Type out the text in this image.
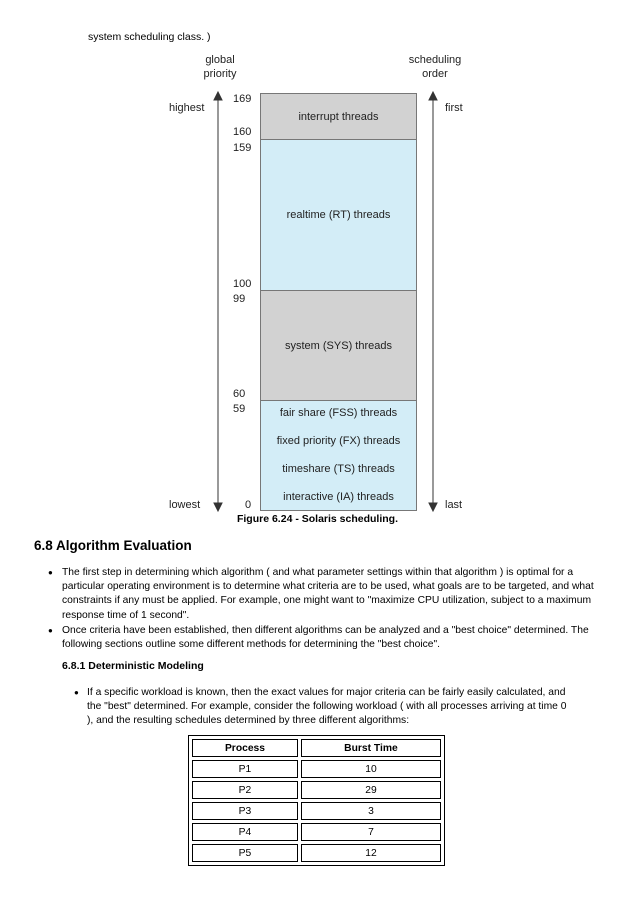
system scheduling class. )
global
priority
scheduling
order
highest
lowest
first
last
169
160
159
100
99
60
59
0
interrupt threads
realtime (RT) threads
system (SYS) threads
fair share (FSS) threads
fixed priority (FX) threads
timeshare (TS) threads
interactive (IA) threads
Figure 6.24 - Solaris scheduling.
6.8 Algorithm Evaluation
● The first step in determining which algorithm ( and what parameter settings within that algorithm ) is optimal for a particular operating environment is to determine what criteria are to be used, what goals are to be targeted, and what constraints if any must be applied. For example, one might want to "maximize CPU utilization, subject to a maximum response time of 1 second".
● Once criteria have been established, then different algorithms can be analyzed and a "best choice" determined. The following sections outline some different methods for determining the "best choice".
6.8.1 Deterministic Modeling
● If a specific workload is known, then the exact values for major criteria can be fairly easily calculated, and the "best" determined. For example, consider the following workload ( with all processes arriving at time 0 ), and the resulting schedules determined by three different algorithms:
Process	Burst Time
P1	10
P2	29
P3	3
P4	7
P5	12
